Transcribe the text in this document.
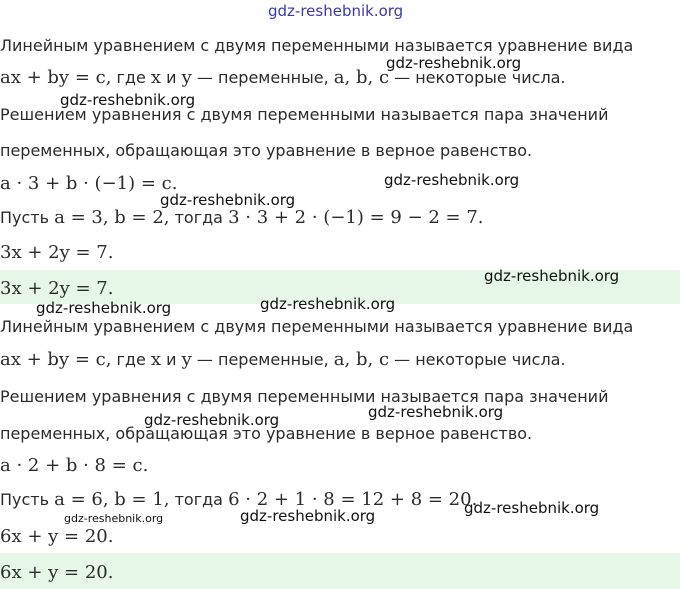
Линейным уравнением с двумя переменными называется уравнение вида
ax + by = c, где x и y — переменные, a, b, c — некоторые числа.
Решением уравнения с двумя переменными называется пара значений
переменных, обращающая это уравнение в верное равенство.
a · 3 + b · (−1) = c.
Пусть a = 3, b = 2, тогда 3 · 3 + 2 · (−1) = 9 − 2 = 7.
3x + 2y = 7.
3x + 2y = 7.
Линейным уравнением с двумя переменными называется уравнение вида
ax + by = c, где x и y — переменные, a, b, c — некоторые числа.
Решением уравнения с двумя переменными называется пара значений
переменных, обращающая это уравнение в верное равенство.
a · 2 + b · 8 = c.
Пусть a = 6, b = 1, тогда 6 · 2 + 1 · 8 = 12 + 8 = 20.
6x + y = 20.
6x + y = 20.
gdz-reshebnik.org
gdz-reshebnik.org
gdz-reshebnik.org
gdz-reshebnik.org
gdz-reshebnik.org
gdz-reshebnik.org
gdz-reshebnik.org	gdz-reshebnik.org
gdz-reshebnik.org
gdz-reshebnik.org
gdz-reshebnik.org
gdz-reshebnik.org
gdz-reshebnik.org
